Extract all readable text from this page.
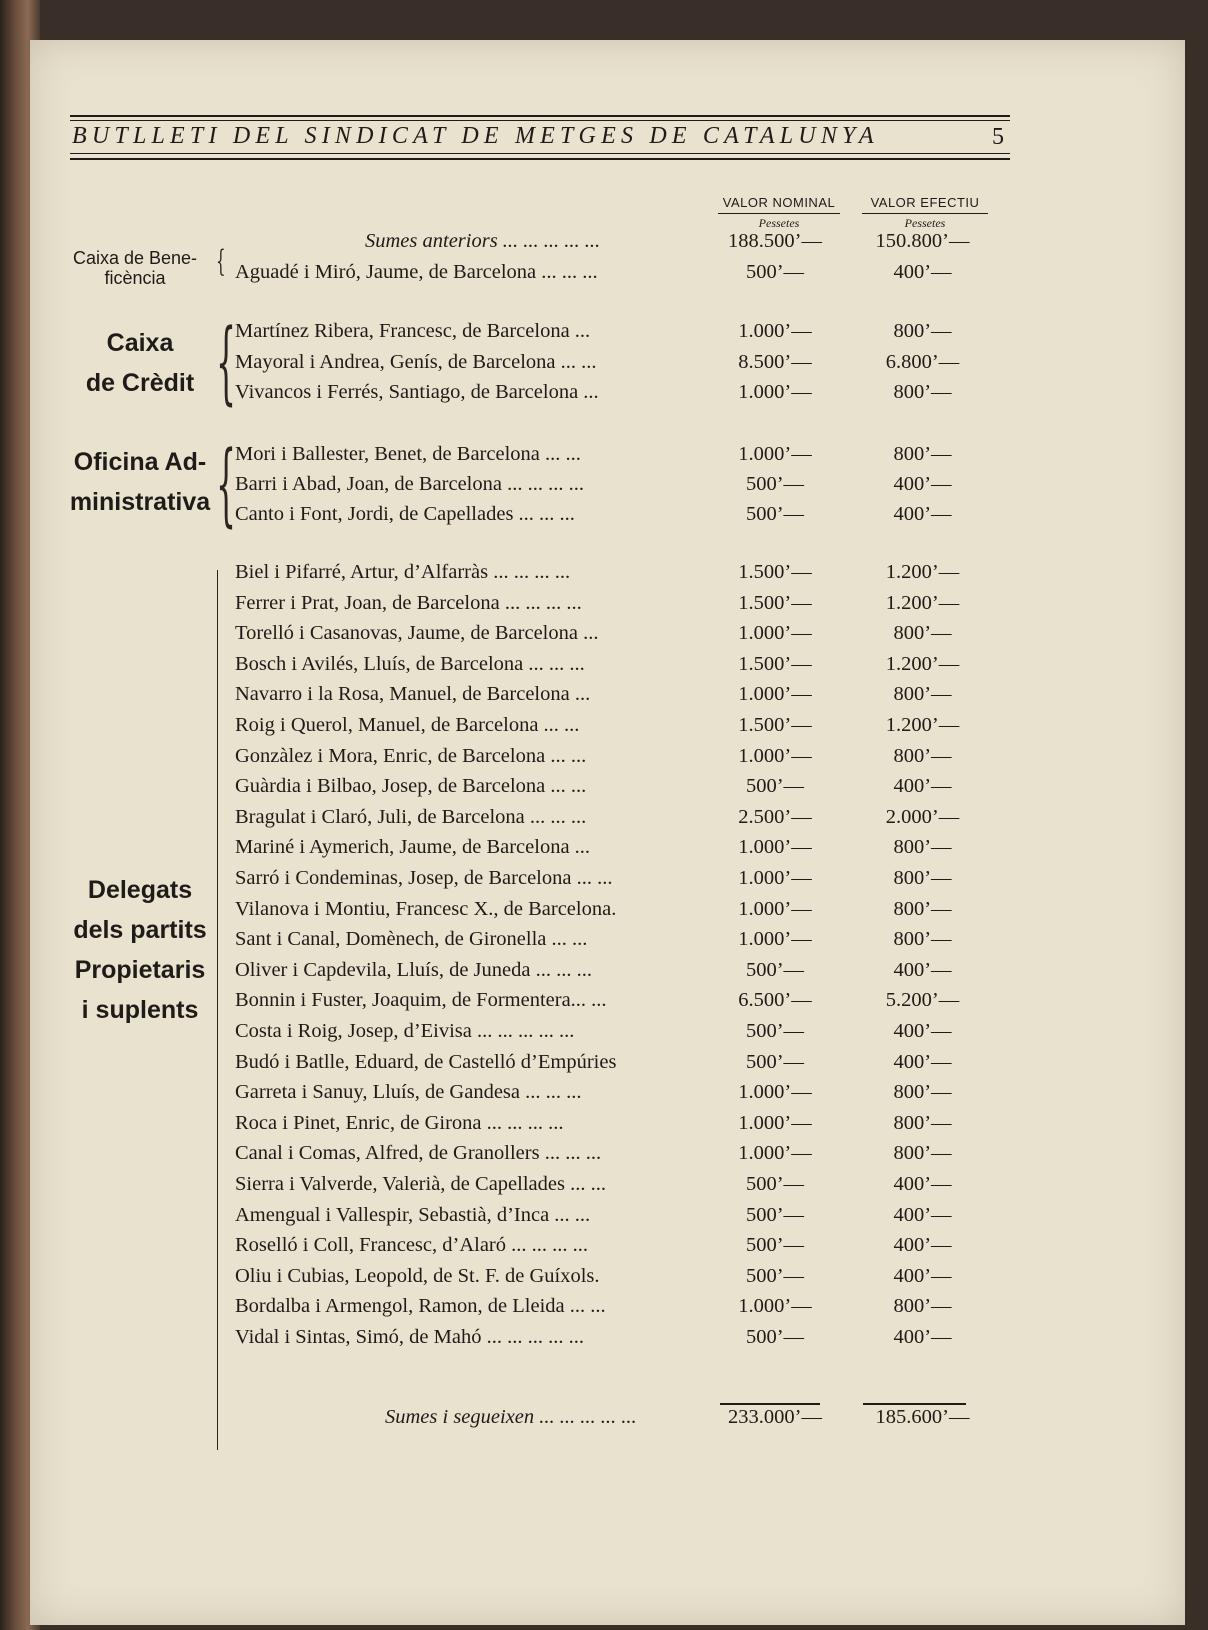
BUTLLETI DEL SINDICAT DE METGES DE CATALUNYA	5
VALOR NOMINAL
Pessetes
VALOR EFECTIU
Pessetes
Sumes anteriors ... ... ... ... ...	188.500’—	150.800’—
Caixa de Bene-
ficència	{
Caixa
de Crèdit {
Oficina Ad-
ministrativa {
Delegats
dels partits
Propietaris
i suplents
Aguadé i Miró, Jaume, de Barcelona ... ... ...	500’—	400’—
Martínez Ribera, Francesc, de Barcelona ...	1.000’—	800’—
Mayoral i Andrea, Genís, de Barcelona ... ...	8.500’—	6.800’—
Vivancos i Ferrés, Santiago, de Barcelona ...	1.000’—	800’—
Mori i Ballester, Benet, de Barcelona ... ...	1.000’—	800’—
Barri i Abad, Joan, de Barcelona ... ... ... ...	500’—	400’—
Canto i Font, Jordi, de Capellades ... ... ...	500’—	400’—
Biel i Pifarré, Artur, d’Alfarràs ... ... ... ...	1.500’—	1.200’—
Ferrer i Prat, Joan, de Barcelona ... ... ... ...	1.500’—	1.200’—
Torelló i Casanovas, Jaume, de Barcelona ...	1.000’—	800’—
Bosch i Avilés, Lluís, de Barcelona ... ... ...	1.500’—	1.200’—
Navarro i la Rosa, Manuel, de Barcelona ...	1.000’—	800’—
Roig i Querol, Manuel, de Barcelona ... ...	1.500’—	1.200’—
Gonzàlez i Mora, Enric, de Barcelona ... ...	1.000’—	800’—
Guàrdia i Bilbao, Josep, de Barcelona ... ...	500’—	400’—
Bragulat i Claró, Juli, de Barcelona ... ... ...	2.500’—	2.000’—
Mariné i Aymerich, Jaume, de Barcelona ...	1.000’—	800’—
Sarró i Condeminas, Josep, de Barcelona ... ...	1.000’—	800’—
Vilanova i Montiu, Francesc X., de Barcelona.	1.000’—	800’—
Sant i Canal, Domènech, de Gironella ... ...	1.000’—	800’—
Oliver i Capdevila, Lluís, de Juneda ... ... ...	500’—	400’—
Bonnin i Fuster, Joaquim, de Formentera... ...	6.500’—	5.200’—
Costa i Roig, Josep, d’Eivisa ... ... ... ... ...	500’—	400’—
Budó i Batlle, Eduard, de Castelló d’Empúries	500’—	400’—
Garreta i Sanuy, Lluís, de Gandesa ... ... ...	1.000’—	800’—
Roca i Pinet, Enric, de Girona ... ... ... ...	1.000’—	800’—
Canal i Comas, Alfred, de Granollers ... ... ...	1.000’—	800’—
Sierra i Valverde, Valerià, de Capellades ... ...	500’—	400’—
Amengual i Vallespir, Sebastià, d’Inca ... ...	500’—	400’—
Roselló i Coll, Francesc, d’Alaró ... ... ... ...	500’—	400’—
Oliu i Cubias, Leopold, de St. F. de Guíxols.	500’—	400’—
Bordalba i Armengol, Ramon, de Lleida ... ...	1.000’—	800’—
Vidal i Sintas, Simó, de Mahó ... ... ... ... ...	500’—	400’—
Sumes i segueixen ... ... ... ... ...	233.000’—	185.600’—
